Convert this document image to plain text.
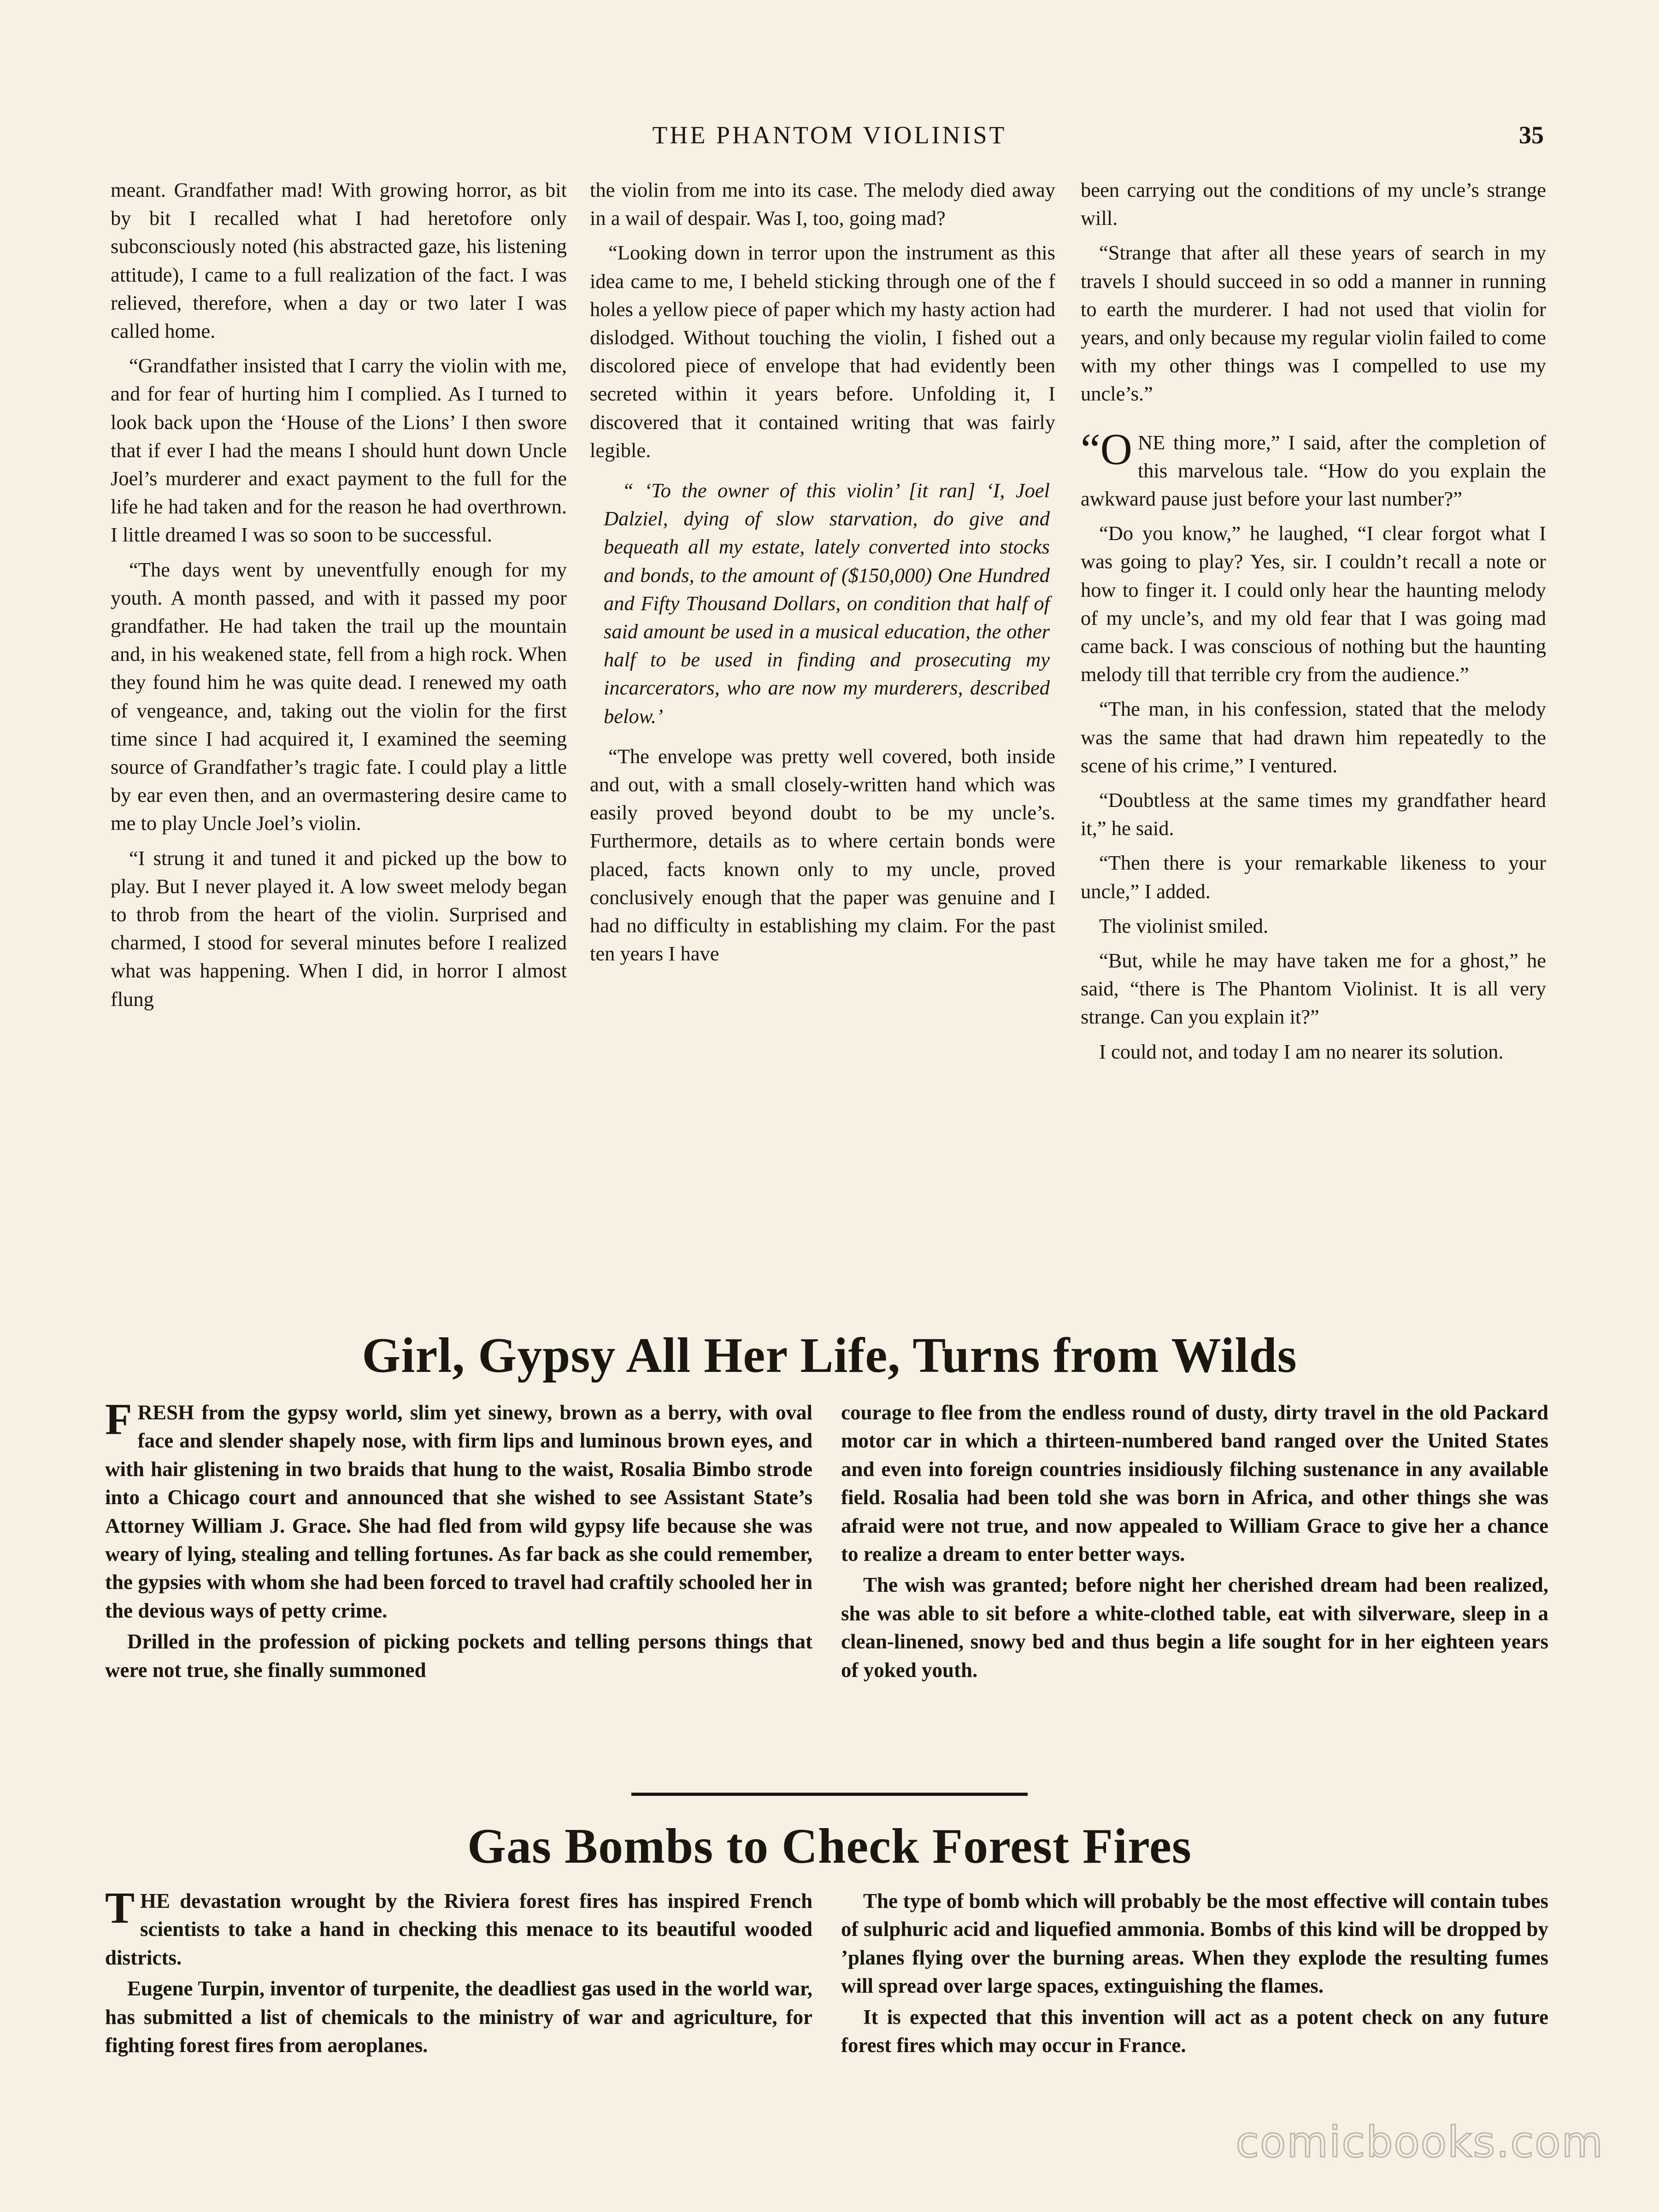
THE PHANTOM VIOLINIST	35

meant. Grandfather mad! With growing horror, as bit by bit I recalled what I had heretofore only subconsciously noted (his abstracted gaze, his listening attitude), I came to a full realization of the fact. I was relieved, therefore, when a day or two later I was called home.

“Grandfather insisted that I carry the violin with me, and for fear of hurting him I complied. As I turned to look back upon the ‘House of the Lions’ I then swore that if ever I had the means I should hunt down Uncle Joel’s murderer and exact payment to the full for the life he had taken and for the reason he had overthrown. I little dreamed I was so soon to be successful.

“The days went by uneventfully enough for my youth. A month passed, and with it passed my poor grandfather. He had taken the trail up the mountain and, in his weakened state, fell from a high rock. When they found him he was quite dead. I renewed my oath of vengeance, and, taking out the violin for the first time since I had acquired it, I examined the seeming source of Grandfather’s tragic fate. I could play a little by ear even then, and an overmastering desire came to me to play Uncle Joel’s violin.

“I strung it and tuned it and picked up the bow to play. But I never played it. A low sweet melody began to throb from the heart of the violin. Surprised and charmed, I stood for several minutes before I realized what was happening. When I did, in horror I almost flung

the violin from me into its case. The melody died away in a wail of despair. Was I, too, going mad?

“Looking down in terror upon the instrument as this idea came to me, I beheld sticking through one of the f holes a yellow piece of paper which my hasty action had dislodged. Without touching the violin, I fished out a discolored piece of envelope that had evidently been secreted within it years before. Unfolding it, I discovered that it contained writing that was fairly legible.

“ ‘To the owner of this violin’ [it ran] ‘I, Joel Dalziel, dying of slow starvation, do give and bequeath all my estate, lately converted into stocks and bonds, to the amount of ($150,000) One Hundred and Fifty Thousand Dollars, on condition that half of said amount be used in a musical education, the other half to be used in finding and prosecuting my incarcerators, who are now my murderers, described below.’

“The envelope was pretty well covered, both inside and out, with a small closely-written hand which was easily proved beyond doubt to be my uncle’s. Furthermore, details as to where certain bonds were placed, facts known only to my uncle, proved conclusively enough that the paper was genuine and I had no difficulty in establishing my claim. For the past ten years I have

been carrying out the conditions of my uncle’s strange will.

“Strange that after all these years of search in my travels I should succeed in so odd a manner in running to earth the murderer. I had not used that violin for years, and only because my regular violin failed to come with my other things was I compelled to use my uncle’s.”

“ONE thing more,” I said, after the completion of this marvelous tale. “How do you explain the awkward pause just before your last number?”

“Do you know,” he laughed, “I clear forgot what I was going to play? Yes, sir. I couldn’t recall a note or how to finger it. I could only hear the haunting melody of my uncle’s, and my old fear that I was going mad came back. I was conscious of nothing but the haunting melody till that terrible cry from the audience.”

“The man, in his confession, stated that the melody was the same that had drawn him repeatedly to the scene of his crime,” I ventured.

“Doubtless at the same times my grandfather heard it,” he said.

“Then there is your remarkable likeness to your uncle,” I added.

The violinist smiled.

“But, while he may have taken me for a ghost,” he said, “there is The Phantom Violinist. It is all very strange. Can you explain it?”

I could not, and today I am no nearer its solution.

Girl, Gypsy All Her Life, Turns from Wilds

FRESH from the gypsy world, slim yet sinewy, brown as a berry, with oval face and slender shapely nose, with firm lips and luminous brown eyes, and with hair glistening in two braids that hung to the waist, Rosalia Bimbo strode into a Chicago court and announced that she wished to see Assistant State’s Attorney William J. Grace. She had fled from wild gypsy life because she was weary of lying, stealing and telling fortunes. As far back as she could remember, the gypsies with whom she had been forced to travel had craftily schooled her in the devious ways of petty crime.

Drilled in the profession of picking pockets and telling persons things that were not true, she finally summoned

courage to flee from the endless round of dusty, dirty travel in the old Packard motor car in which a thirteen-numbered band ranged over the United States and even into foreign countries insidiously filching sustenance in any available field. Rosalia had been told she was born in Africa, and other things she was afraid were not true, and now appealed to William Grace to give her a chance to realize a dream to enter better ways.

The wish was granted; before night her cherished dream had been realized, she was able to sit before a white-clothed table, eat with silverware, sleep in a clean-linened, snowy bed and thus begin a life sought for in her eighteen years of yoked youth.

Gas Bombs to Check Forest Fires

THE devastation wrought by the Riviera forest fires has inspired French scientists to take a hand in checking this menace to its beautiful wooded districts.

Eugene Turpin, inventor of turpenite, the deadliest gas used in the world war, has submitted a list of chemicals to the ministry of war and agriculture, for fighting forest fires from aeroplanes.

The type of bomb which will probably be the most effective will contain tubes of sulphuric acid and liquefied ammonia. Bombs of this kind will be dropped by ’planes flying over the burning areas. When they explode the resulting fumes will spread over large spaces, extinguishing the flames.

It is expected that this invention will act as a potent check on any future forest fires which may occur in France.

comicbooks.com
